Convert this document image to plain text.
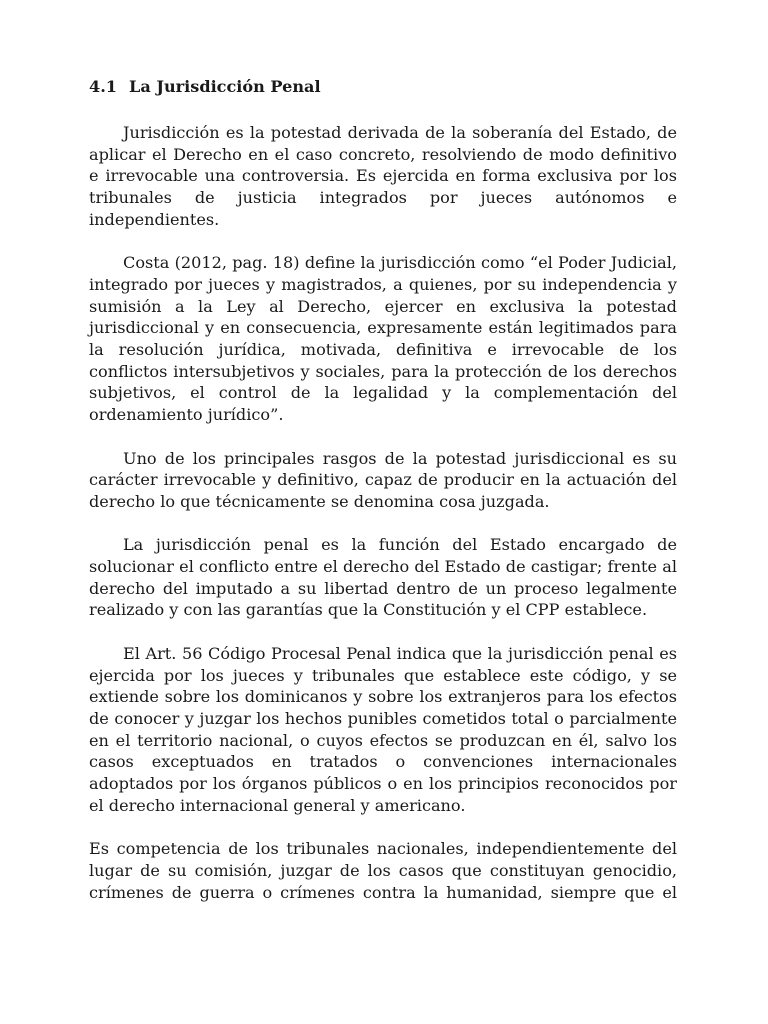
4.1 La Jurisdicción Penal

Jurisdicción es la potestad derivada de la soberanía del Estado, de aplicar el Derecho en el caso concreto, resolviendo de modo definitivo e irrevocable una controversia. Es ejercida en forma exclusiva por los tribunales de justicia integrados por jueces autónomos e independientes.

Costa (2012, pag. 18) define la jurisdicción como “el Poder Judicial, integrado por jueces y magistrados, a quienes, por su independencia y sumisión a la Ley al Derecho, ejercer en exclusiva la potestad jurisdiccional y en consecuencia, expresamente están legitimados para la resolución jurídica, motivada, definitiva e irrevocable de los conflictos intersubjetivos y sociales, para la protección de los derechos subjetivos, el control de la legalidad y la complementación del ordenamiento jurídico”.

Uno de los principales rasgos de la potestad jurisdiccional es su carácter irrevocable y definitivo, capaz de producir en la actuación del derecho lo que técnicamente se denomina cosa juzgada.

La jurisdicción penal es la función del Estado encargado de solucionar el conflicto entre el derecho del Estado de castigar; frente al derecho del imputado a su libertad dentro de un proceso legalmente realizado y con las garantías que la Constitución y el CPP establece.

El Art. 56 Código Procesal Penal indica que la jurisdicción penal es ejercida por los jueces y tribunales que establece este código, y se extiende sobre los dominicanos y sobre los extranjeros para los efectos de conocer y juzgar los hechos punibles cometidos total o parcialmente en el territorio nacional, o cuyos efectos se produzcan en él, salvo los casos exceptuados en tratados o convenciones internacionales adoptados por los órganos públicos o en los principios reconocidos por el derecho internacional general y americano.

Es competencia de los tribunales nacionales, independientemente del lugar de su comisión, juzgar de los casos que constituyan genocidio, crímenes de guerra o crímenes contra la humanidad, siempre que el
